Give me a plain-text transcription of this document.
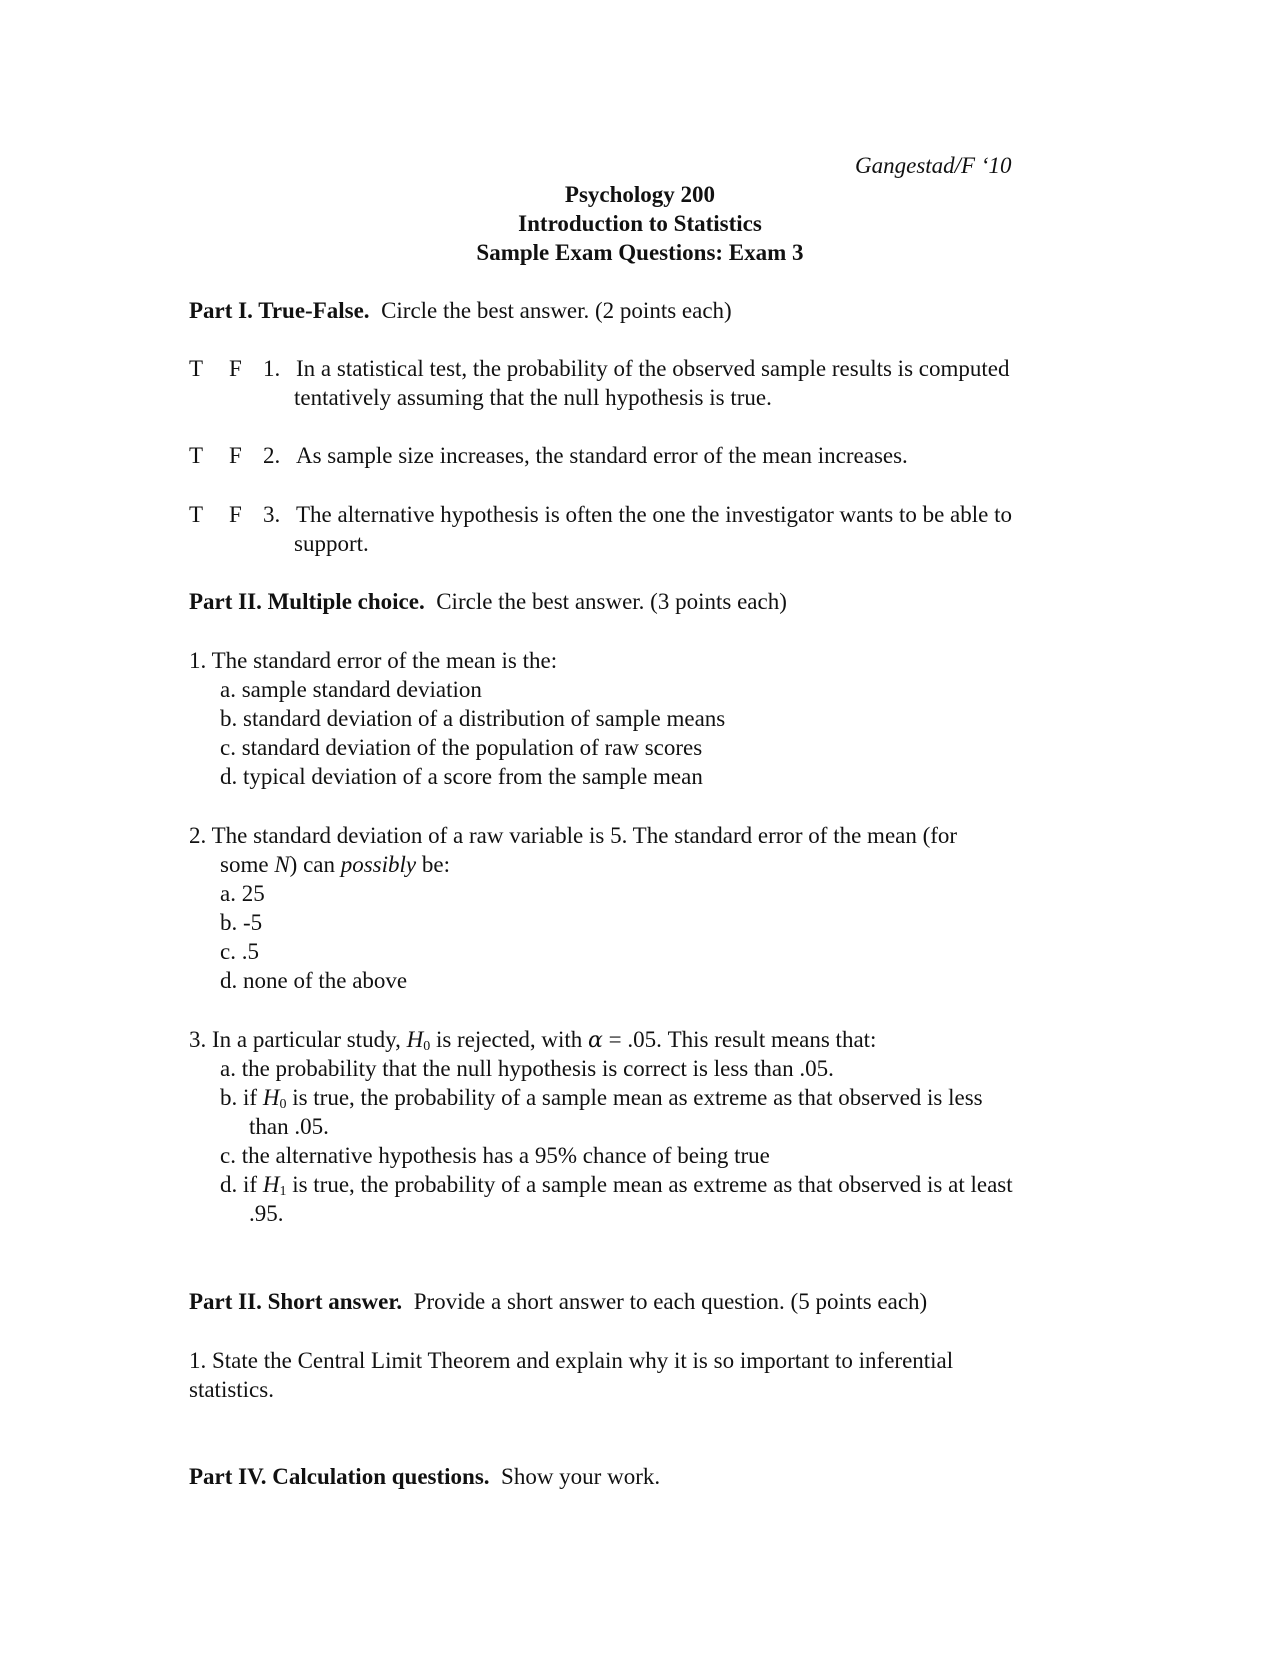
Gangestad/F ‘10
Psychology 200
Introduction to Statistics
Sample Exam Questions: Exam 3
Part I. True-False. Circle the best answer. (2 points each)
T F 1. In a statistical test, the probability of the observed sample results is computed
tentatively assuming that the null hypothesis is true.
T F 2. As sample size increases, the standard error of the mean increases.
T F 3. The alternative hypothesis is often the one the investigator wants to be able to
support.
Part II. Multiple choice. Circle the best answer. (3 points each)
1. The standard error of the mean is the:
a. sample standard deviation
b. standard deviation of a distribution of sample means
c. standard deviation of the population of raw scores
d. typical deviation of a score from the sample mean
2. The standard deviation of a raw variable is 5. The standard error of the mean (for
some N) can possibly be:
a. 25
b. -5
c. .5
d. none of the above
3. In a particular study, $H_0$ is rejected, with α = .05. This result means that:
a. the probability that the null hypothesis is correct is less than .05.
b. if $H_0$ is true, the probability of a sample mean as extreme as that observed is less
than .05.
c. the alternative hypothesis has a 95% chance of being true
d. if $H_1$ is true, the probability of a sample mean as extreme as that observed is at least
.95.
Part II. Short answer. Provide a short answer to each question. (5 points each)
1. State the Central Limit Theorem and explain why it is so important to inferential
statistics.
Part IV. Calculation questions. Show your work.
